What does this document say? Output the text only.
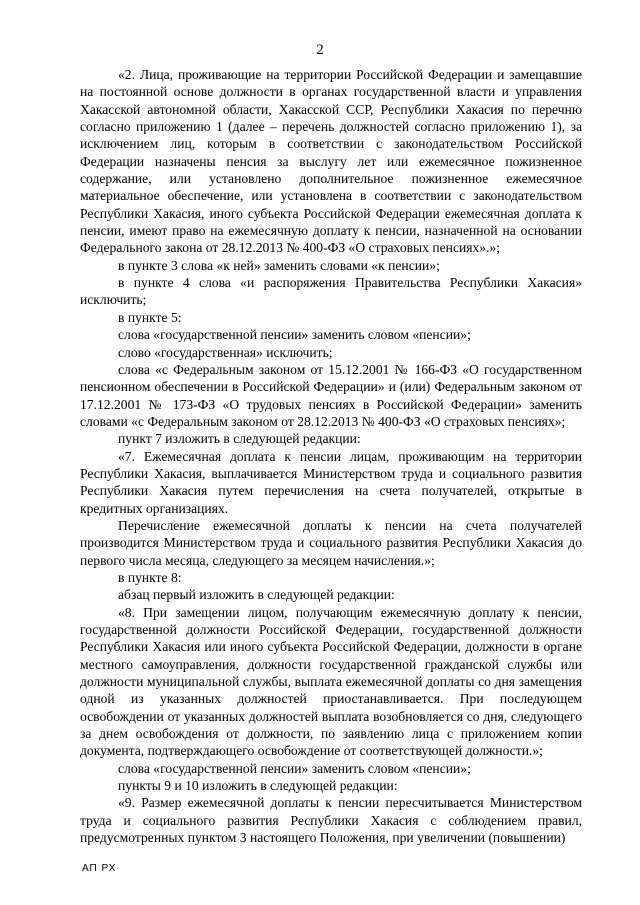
2

«2. Лица, проживающие на территории Российской Федерации и замещавшие на постоянной основе должности в органах государственной власти и управления Хакасской автономной области, Хакасской ССР, Республики Хакасия по перечню согласно приложению 1 (далее – перечень должностей согласно приложению 1), за исключением лиц, которым в соответствии с законодательством Российской Федерации назначены пенсия за выслугу лет или ежемесячное пожизненное содержание, или установлено дополнительное пожизненное ежемесячное материальное обеспечение, или установлена в соответствии с законодательством Республики Хакасия, иного субъекта Российской Федерации ежемесячная доплата к пенсии, имеют право на ежемесячную доплату к пенсии, назначенной на основании Федерального закона от 28.12.2013 № 400-ФЗ «О страховых пенсиях».»;

в пункте 3 слова «к ней» заменить словами «к пенсии»;

в пункте 4 слова «и распоряжения Правительства Республики Хакасия» исключить;

в пункте 5:

слова «государственной пенсии» заменить словом «пенсии»;

слово «государственная» исключить;

слова «с Федеральным законом от 15.12.2001 № 166-ФЗ «О государственном пенсионном обеспечении в Российской Федерации» и (или) Федеральным законом от 17.12.2001 № 173-ФЗ «О трудовых пенсиях в Российской Федерации» заменить словами «с Федеральным законом от 28.12.2013 № 400-ФЗ «О страховых пенсиях»;

пункт 7 изложить в следующей редакции:

«7. Ежемесячная доплата к пенсии лицам, проживающим на территории Республики Хакасия, выплачивается Министерством труда и социального развития Республики Хакасия путем перечисления на счета получателей, открытые в кредитных организациях.

Перечисление ежемесячной доплаты к пенсии на счета получателей производится Министерством труда и социального развития Республики Хакасия до первого числа месяца, следующего за месяцем начисления.»;

в пункте 8:

абзац первый изложить в следующей редакции:

«8. При замещении лицом, получающим ежемесячную доплату к пенсии, государственной должности Российской Федерации, государственной должности Республики Хакасия или иного субъекта Российской Федерации, должности в органе местного самоуправления, должности государственной гражданской службы или должности муниципальной службы, выплата ежемесячной доплаты со дня замещения одной из указанных должностей приостанавливается. При последующем освобождении от указанных должностей выплата возобновляется со дня, следующего за днем освобождения от должности, по заявлению лица с приложением копии документа, подтверждающего освобождение от соответствующей должности.»;

слова «государственной пенсии» заменить словом «пенсии»;

пункты 9 и 10 изложить в следующей редакции:

«9. Размер ежемесячной доплаты к пенсии пересчитывается Министерством труда и социального развития Республики Хакасия с соблюдением правил, предусмотренных пунктом 3 настоящего Положения, при увеличении (повышении)

АП РХ
